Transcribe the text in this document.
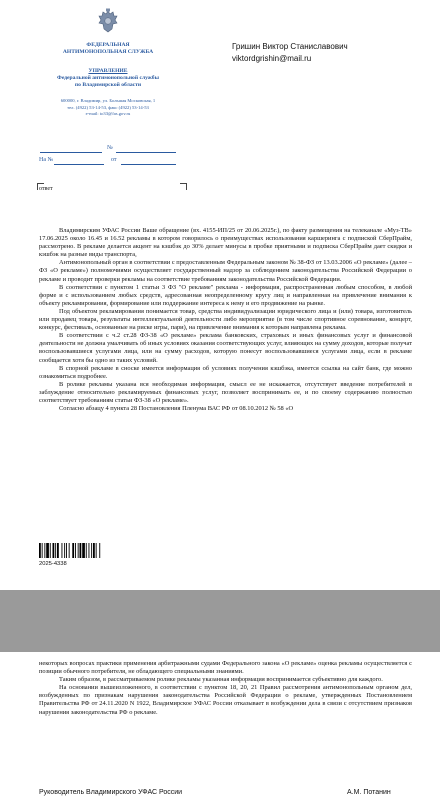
ФЕДЕРАЛЬНАЯ
АНТИМОНОПОЛЬНАЯ СЛУЖБА
УПРАВЛЕНИЕ
Федеральной антимонопольной службы
по Владимирской области
600000, г. Владимир, ул. Большая Московская, 1
тел. (4922) 53-14-53, факс (4922) 53-14-53
e-mail: to33@fas.gov.ru
Гришин Виктор Станиславович
viktordgrishin@mail.ru
№
На №	от
ответ

Владимирским УФАС России Ваше обращение (вх. 4155-ИП/25 от 20.06.2025г.), по факту размещения на телеканале «Муз-ТВ» 17.06.2025 около 16.45 и 16.52 рекламы в котором говорилось о преимуществах использования каршеринга с подпиской СберПрайм, рассмотрено. В рекламе делается акцент на кэшбэк до 30% делает минусы в пробке приятными и подписка СберПрайм дает скидки и кэшбэк на разные виды транспорта,

Антимонопольный орган в соответствии с предоставленным Федеральным законом № 38-ФЗ от 13.03.2006 «О рекламе» (далее – ФЗ «О рекламе») полномочиями осуществляет государственный надзор за соблюдением законодательства Российской Федерации о рекламе и проводит проверки рекламы на соответствие требованиям законодательства Российской Федерации.

В соответствии с пунктом 1 статьи 3 ФЗ "О рекламе" реклама - информация, распространенная любым способом, в любой форме и с использованием любых средств, адресованная неопределенному кругу лиц и направленная на привлечение внимания к объекту рекламирования, формирование или поддержание интереса к нему и его продвижение на рынке.

Под объектом рекламирования понимается товар, средства индивидуализации юридического лица и (или) товара, изготовитель или продавец товара, результаты интеллектуальной деятельности либо мероприятие (в том числе спортивное соревнование, концерт, конкурс, фестиваль, основанные на риске игры, пари), на привлечение внимания к которым направлена реклама.

В соответствии с ч.2 ст.28 ФЗ-38 «О рекламе» реклама банковских, страховых и иных финансовых услуг и финансовой деятельности не должна умалчивать об иных условиях оказания соответствующих услуг, влияющих на сумму доходов, которые получат воспользовавшиеся услугами лица, или на сумму расходов, которую понесут воспользовавшиеся услугами лица, если в рекламе сообщается хотя бы одно из таких условий.

В спорной рекламе в сноске имеется информация об условиях получения кэшбэка, имеется ссылка на сайт банк, где можно ознакомиться подробнее.

В ролике рекламы указана вся необходимая информация, смысл ее не искажается, отсутствует введение потребителей в заблуждение относительно рекламируемых финансовых услуг, позволяет воспринимать ее, и по своему содержанию полностью соответствует требованиям статьи ФЗ-38 «О рекламе».

Согласно абзацу 4 пункта 28 Постановления Пленума ВАС РФ от 08.10.2012 № 58 «О

2025-4338

некоторых вопросах практики применения арбитражными судами Федерального закона «О рекламе» оценка рекламы осуществляется с позиции обычного потребителя, не обладающего специальными знаниями.

Таким образом, в рассматриваемом ролике рекламы указанная информация воспринимается субъективно для каждого.

На основании вышеизложенного, в соответствии с пунктом 18, 20, 21 Правил рассмотрения антимонопольным органом дел, возбужденных по признакам нарушения законодательства Российской Федерации о рекламе, утвержденных Постановлением Правительства РФ от 24.11.2020 N 1922, Владимирское УФАС России отказывает в возбуждении дела в связи с отсутствием признаков нарушения законодательства РФ о рекламе.

Руководитель Владимирского УФАС России	А.М. Потанин
